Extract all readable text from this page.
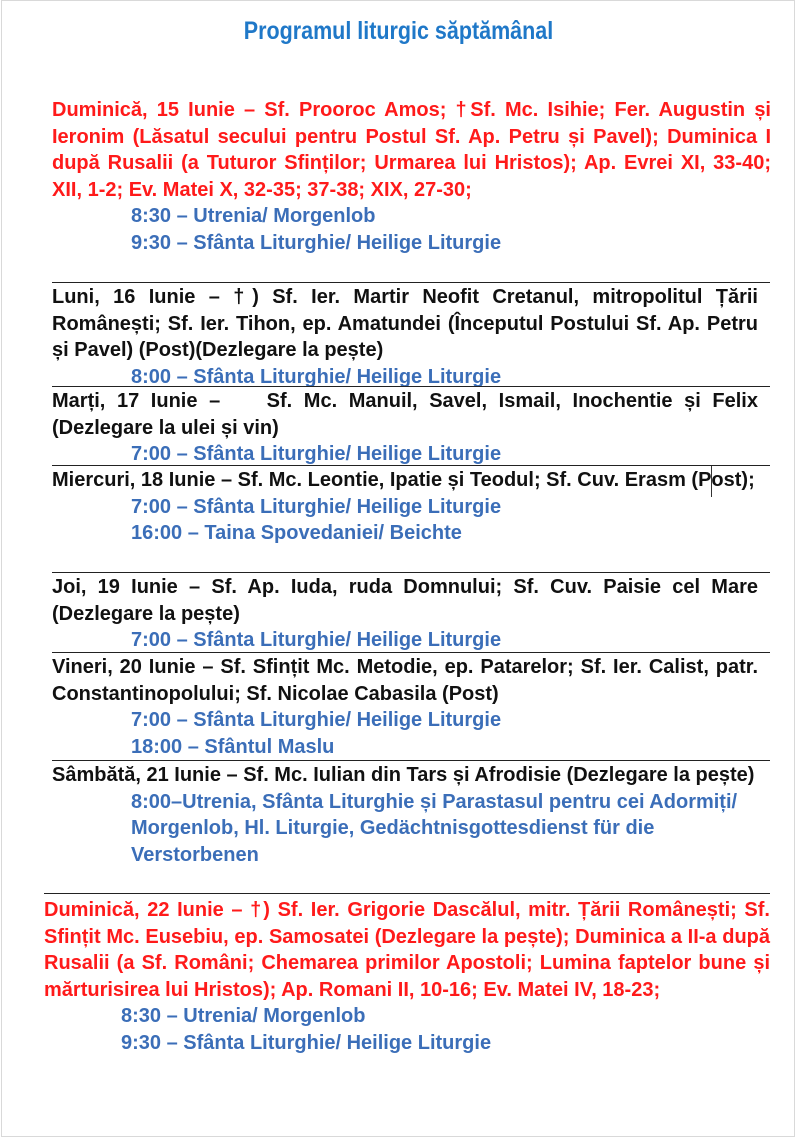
Programul liturgic săptămânal

Duminică, 15 Iunie – Sf. Prooroc Amos; †Sf. Mc. Isihie; Fer. Augustin și Ieronim (Lăsatul secului pentru Postul Sf. Ap. Petru și Pavel); Duminica I după Rusalii (a Tuturor Sfinților; Urmarea lui Hristos); Ap. Evrei XI, 33-40; XII, 1-2; Ev. Matei X, 32-35; 37-38; XIX, 27-30;

8:30 – Utrenia/ Morgenlob
9:30 – Sfânta Liturghie/ Heilige Liturgie

Luni, 16 Iunie – †) Sf. Ier. Martir Neofit Cretanul, mitropolitul Țării Românești; Sf. Ier. Tihon, ep. Amatundei (Începutul Postului Sf. Ap. Petru și Pavel) (Post)(Dezlegare la pește)

8:00 – Sfânta Liturghie/ Heilige Liturgie

Marți, 17 Iunie –    Sf. Mc. Manuil, Savel, Ismail, Inochentie și Felix (Dezlegare la ulei și vin)

7:00 – Sfânta Liturghie/ Heilige Liturgie

Miercuri, 18 Iunie – Sf. Mc. Leontie, Ipatie și Teodul; Sf. Cuv. Erasm (Post);

7:00 – Sfânta Liturghie/ Heilige Liturgie
16:00 – Taina Spovedaniei/ Beichte

Joi, 19 Iunie – Sf. Ap. Iuda, ruda Domnului; Sf. Cuv. Paisie cel Mare (Dezlegare la pește)

7:00 – Sfânta Liturghie/ Heilige Liturgie

Vineri, 20 Iunie – Sf. Sfințit Mc. Metodie, ep. Patarelor; Sf. Ier. Calist, patr. Constantinopolului; Sf. Nicolae Cabasila (Post)

7:00 – Sfânta Liturghie/ Heilige Liturgie
18:00 – Sfântul Maslu

Sâmbătă, 21 Iunie – Sf. Mc. Iulian din Tars și Afrodisie (Dezlegare la pește)

8:00–Utrenia, Sfânta Liturghie și Parastasul pentru cei Adormiți/ Morgenlob, Hl. Liturgie, Gedächtnisgottesdienst für die Verstorbenen

Duminică, 22 Iunie – †) Sf. Ier. Grigorie Dascălul, mitr. Țării Românești; Sf. Sfințit Mc. Eusebiu, ep. Samosatei (Dezlegare la pește); Duminica a II-a după Rusalii (a Sf. Români; Chemarea primilor Apostoli; Lumina faptelor bune și mărturisirea lui Hristos); Ap. Romani II, 10-16; Ev. Matei IV, 18-23;

8:30 – Utrenia/ Morgenlob
9:30 – Sfânta Liturghie/ Heilige Liturgie
